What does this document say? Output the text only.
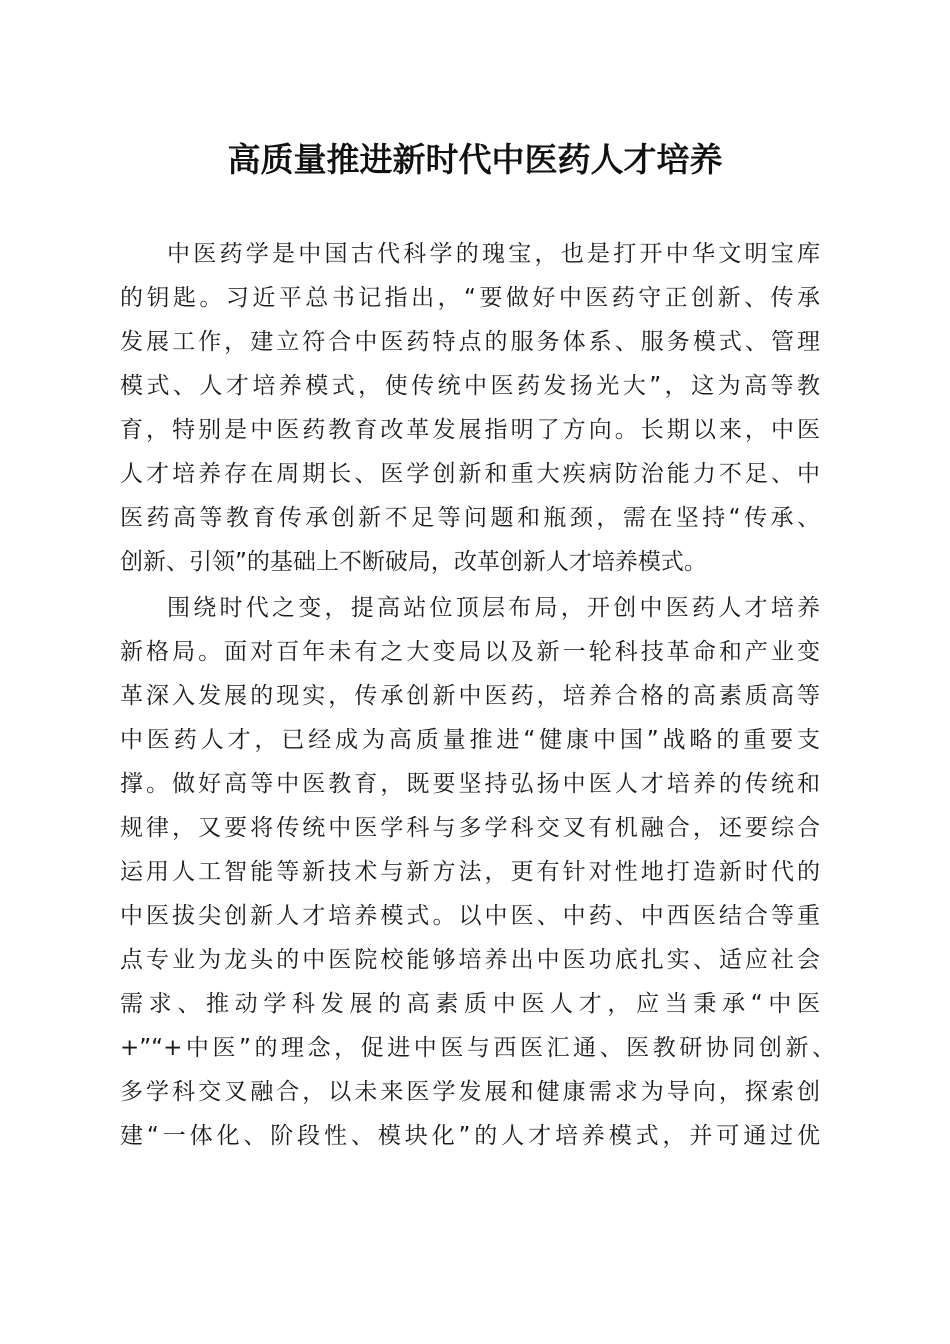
高质量推进新时代中医药人才培养

中医药学是中国古代科学的瑰宝，也是打开中华文明宝库

的钥匙。习近平总书记指出，“要做好中医药守正创新、传承

发展工作，建立符合中医药特点的服务体系、服务模式、管理

模式、人才培养模式，使传统中医药发扬光大”，这为高等教

育，特别是中医药教育改革发展指明了方向。长期以来，中医

人才培养存在周期长、医学创新和重大疾病防治能力不足、中

医药高等教育传承创新不足等问题和瓶颈，需在坚持“传承、

创新、引领”的基础上不断破局，改革创新人才培养模式。

围绕时代之变，提高站位顶层布局，开创中医药人才培养

新格局。面对百年未有之大变局以及新一轮科技革命和产业变

革深入发展的现实，传承创新中医药，培养合格的高素质高等

中医药人才，已经成为高质量推进“健康中国”战略的重要支

撑。做好高等中医教育，既要坚持弘扬中医人才培养的传统和

规律，又要将传统中医学科与多学科交叉有机融合，还要综合

运用人工智能等新技术与新方法，更有针对性地打造新时代的

中医拔尖创新人才培养模式。以中医、中药、中西医结合等重

点专业为龙头的中医院校能够培养出中医功底扎实、适应社会

需求、推动学科发展的高素质中医人才，应当秉承“中医

+”“+中医”的理念，促进中医与西医汇通、医教研协同创新、

多学科交叉融合，以未来医学发展和健康需求为导向，探索创

建“一体化、阶段性、模块化”的人才培养模式，并可通过优
